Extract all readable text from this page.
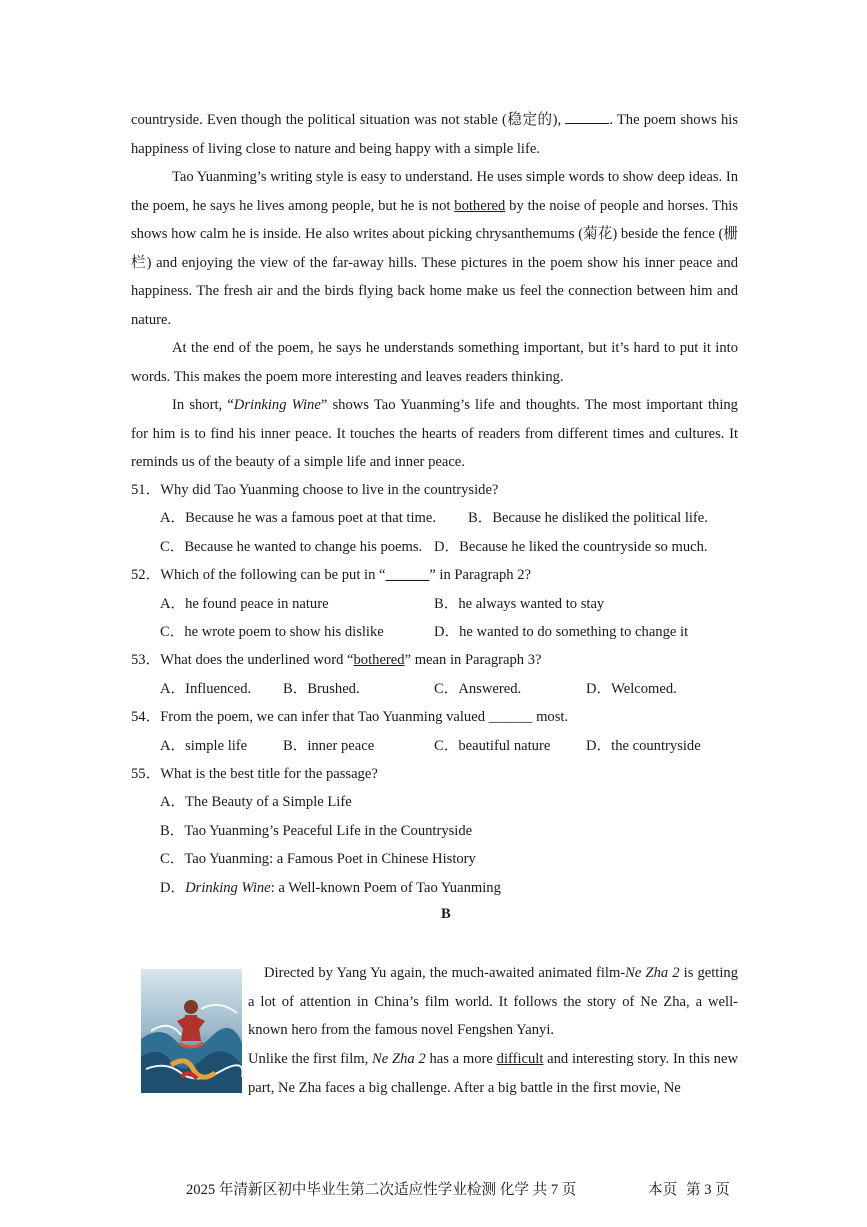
countryside. Even though the political situation was not stable (稳定的),	. The poem shows his happiness of living close to nature and being happy with a simple life.
Tao Yuanming’s writing style is easy to understand. He uses simple words to show deep ideas. In the poem, he says he lives among people, but he is not bothered by the noise of people and horses. This shows how calm he is inside. He also writes about picking chrysanthemums (菊花) beside the fence (栅栏) and enjoying the view of the far-away hills. These pictures in the poem show his inner peace and happiness. The fresh air and the birds flying back home make us feel the connection between him and nature.
At the end of the poem, he says he understands something important, but it’s hard to put it into words. This makes the poem more interesting and leaves readers thinking.
In short, “Drinking Wine” shows Tao Yuanming’s life and thoughts. The most important thing for him is to find his inner peace. It touches the hearts of readers from different times and cultures. It reminds us of the beauty of a simple life and inner peace.
51．Why did Tao Yuanming choose to live in the countryside?
A．Because he was a famous poet at that time. B．Because he disliked the political life.
C．Because he wanted to change his poems. D．Because he liked the countryside so much.
52．Which of the following can be put in “______” in Paragraph 2?
A．he found peace in nature	B．he always wanted to stay
C．he wrote poem to show his dislike	D．he wanted to do something to change it
53．What does the underlined word “bothered” mean in Paragraph 3?
A．Influenced. B．Brushed.	C．Answered.	D．Welcomed.
54．From the poem, we can infer that Tao Yuanming valued ______ most.
A．simple life B．inner peace	C．beautiful nature D．the countryside
55．What is the best title for the passage?
A．The Beauty of a Simple Life
B．Tao Yuanming’s Peaceful Life in the Countryside
C．Tao Yuanming: a Famous Poet in Chinese History
D．Drinking Wine: a Well-known Poem of Tao Yuanming
B
Directed by Yang Yu again, the much-awaited animated film-Ne Zha 2 is getting a lot of attention in China’s film world. It follows the story of Ne Zha, a well-known hero from the famous novel Fengshen Yanyi.
Unlike the first film, Ne Zha 2 has a more difficult and interesting story. In this new part, Ne Zha faces a big challenge. After a big battle in the first movie, Ne
2025 年清新区初中毕业生第二次适应性学业检测 化学 共 7 页	本页 第 3 页
